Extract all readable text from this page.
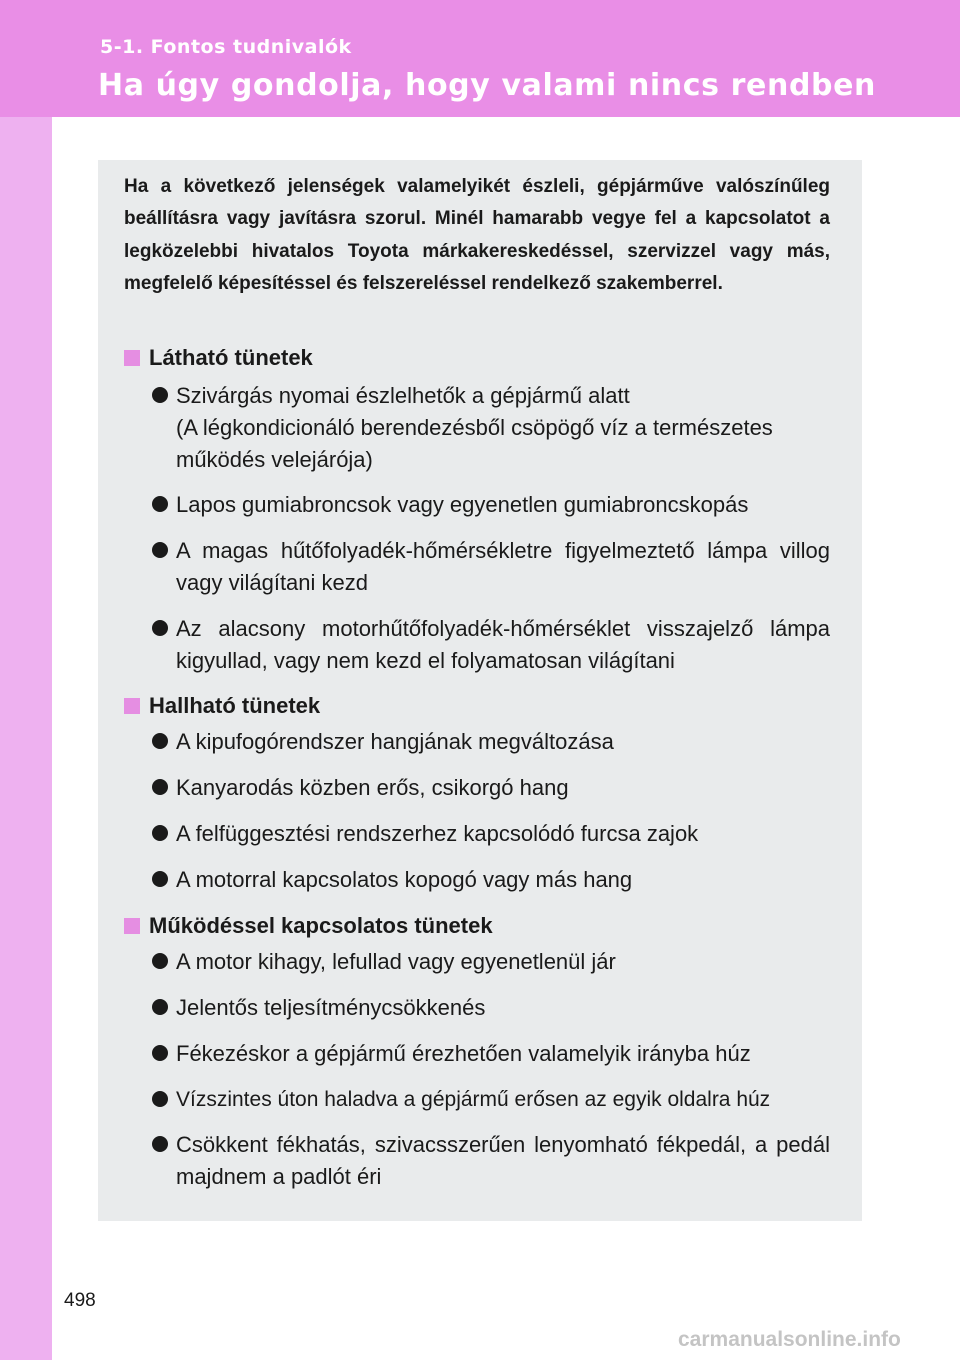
5-1. Fontos tudnivalók
Ha úgy gondolja, hogy valami nincs rendben
Ha a következő jelenségek valamelyikét észleli, gépjárműve valószínűleg beállításra vagy javításra szorul. Minél hamarabb vegye fel a kapcsolatot a legközelebbi hivatalos Toyota márkakereskedéssel, szervizzel vagy más, megfelelő képesítéssel és felszereléssel rendelkező szakemberrel.
Látható tünetek
Szivárgás nyomai észlelhetők a gépjármű alatt
(A légkondicionáló berendezésből csöpögő víz a természetes működés velejárója)
Lapos gumiabroncsok vagy egyenetlen gumiabroncskopás
A magas hűtőfolyadék-hőmérsékletre figyelmeztető lámpa villog vagy világítani kezd
Az alacsony motorhűtőfolyadék-hőmérséklet visszajelző lámpa kigyullad, vagy nem kezd el folyamatosan világítani
Hallható tünetek
A kipufogórendszer hangjának megváltozása
Kanyarodás közben erős, csikorgó hang
A felfüggesztési rendszerhez kapcsolódó furcsa zajok
A motorral kapcsolatos kopogó vagy más hang
Működéssel kapcsolatos tünetek
A motor kihagy, lefullad vagy egyenetlenül jár
Jelentős teljesítménycsökkenés
Fékezéskor a gépjármű érezhetően valamelyik irányba húz
Vízszintes úton haladva a gépjármű erősen az egyik oldalra húz
Csökkent fékhatás, szivacsszerűen lenyomható fékpedál, a pedál majdnem a padlót éri
498
carmanualsonline.info
